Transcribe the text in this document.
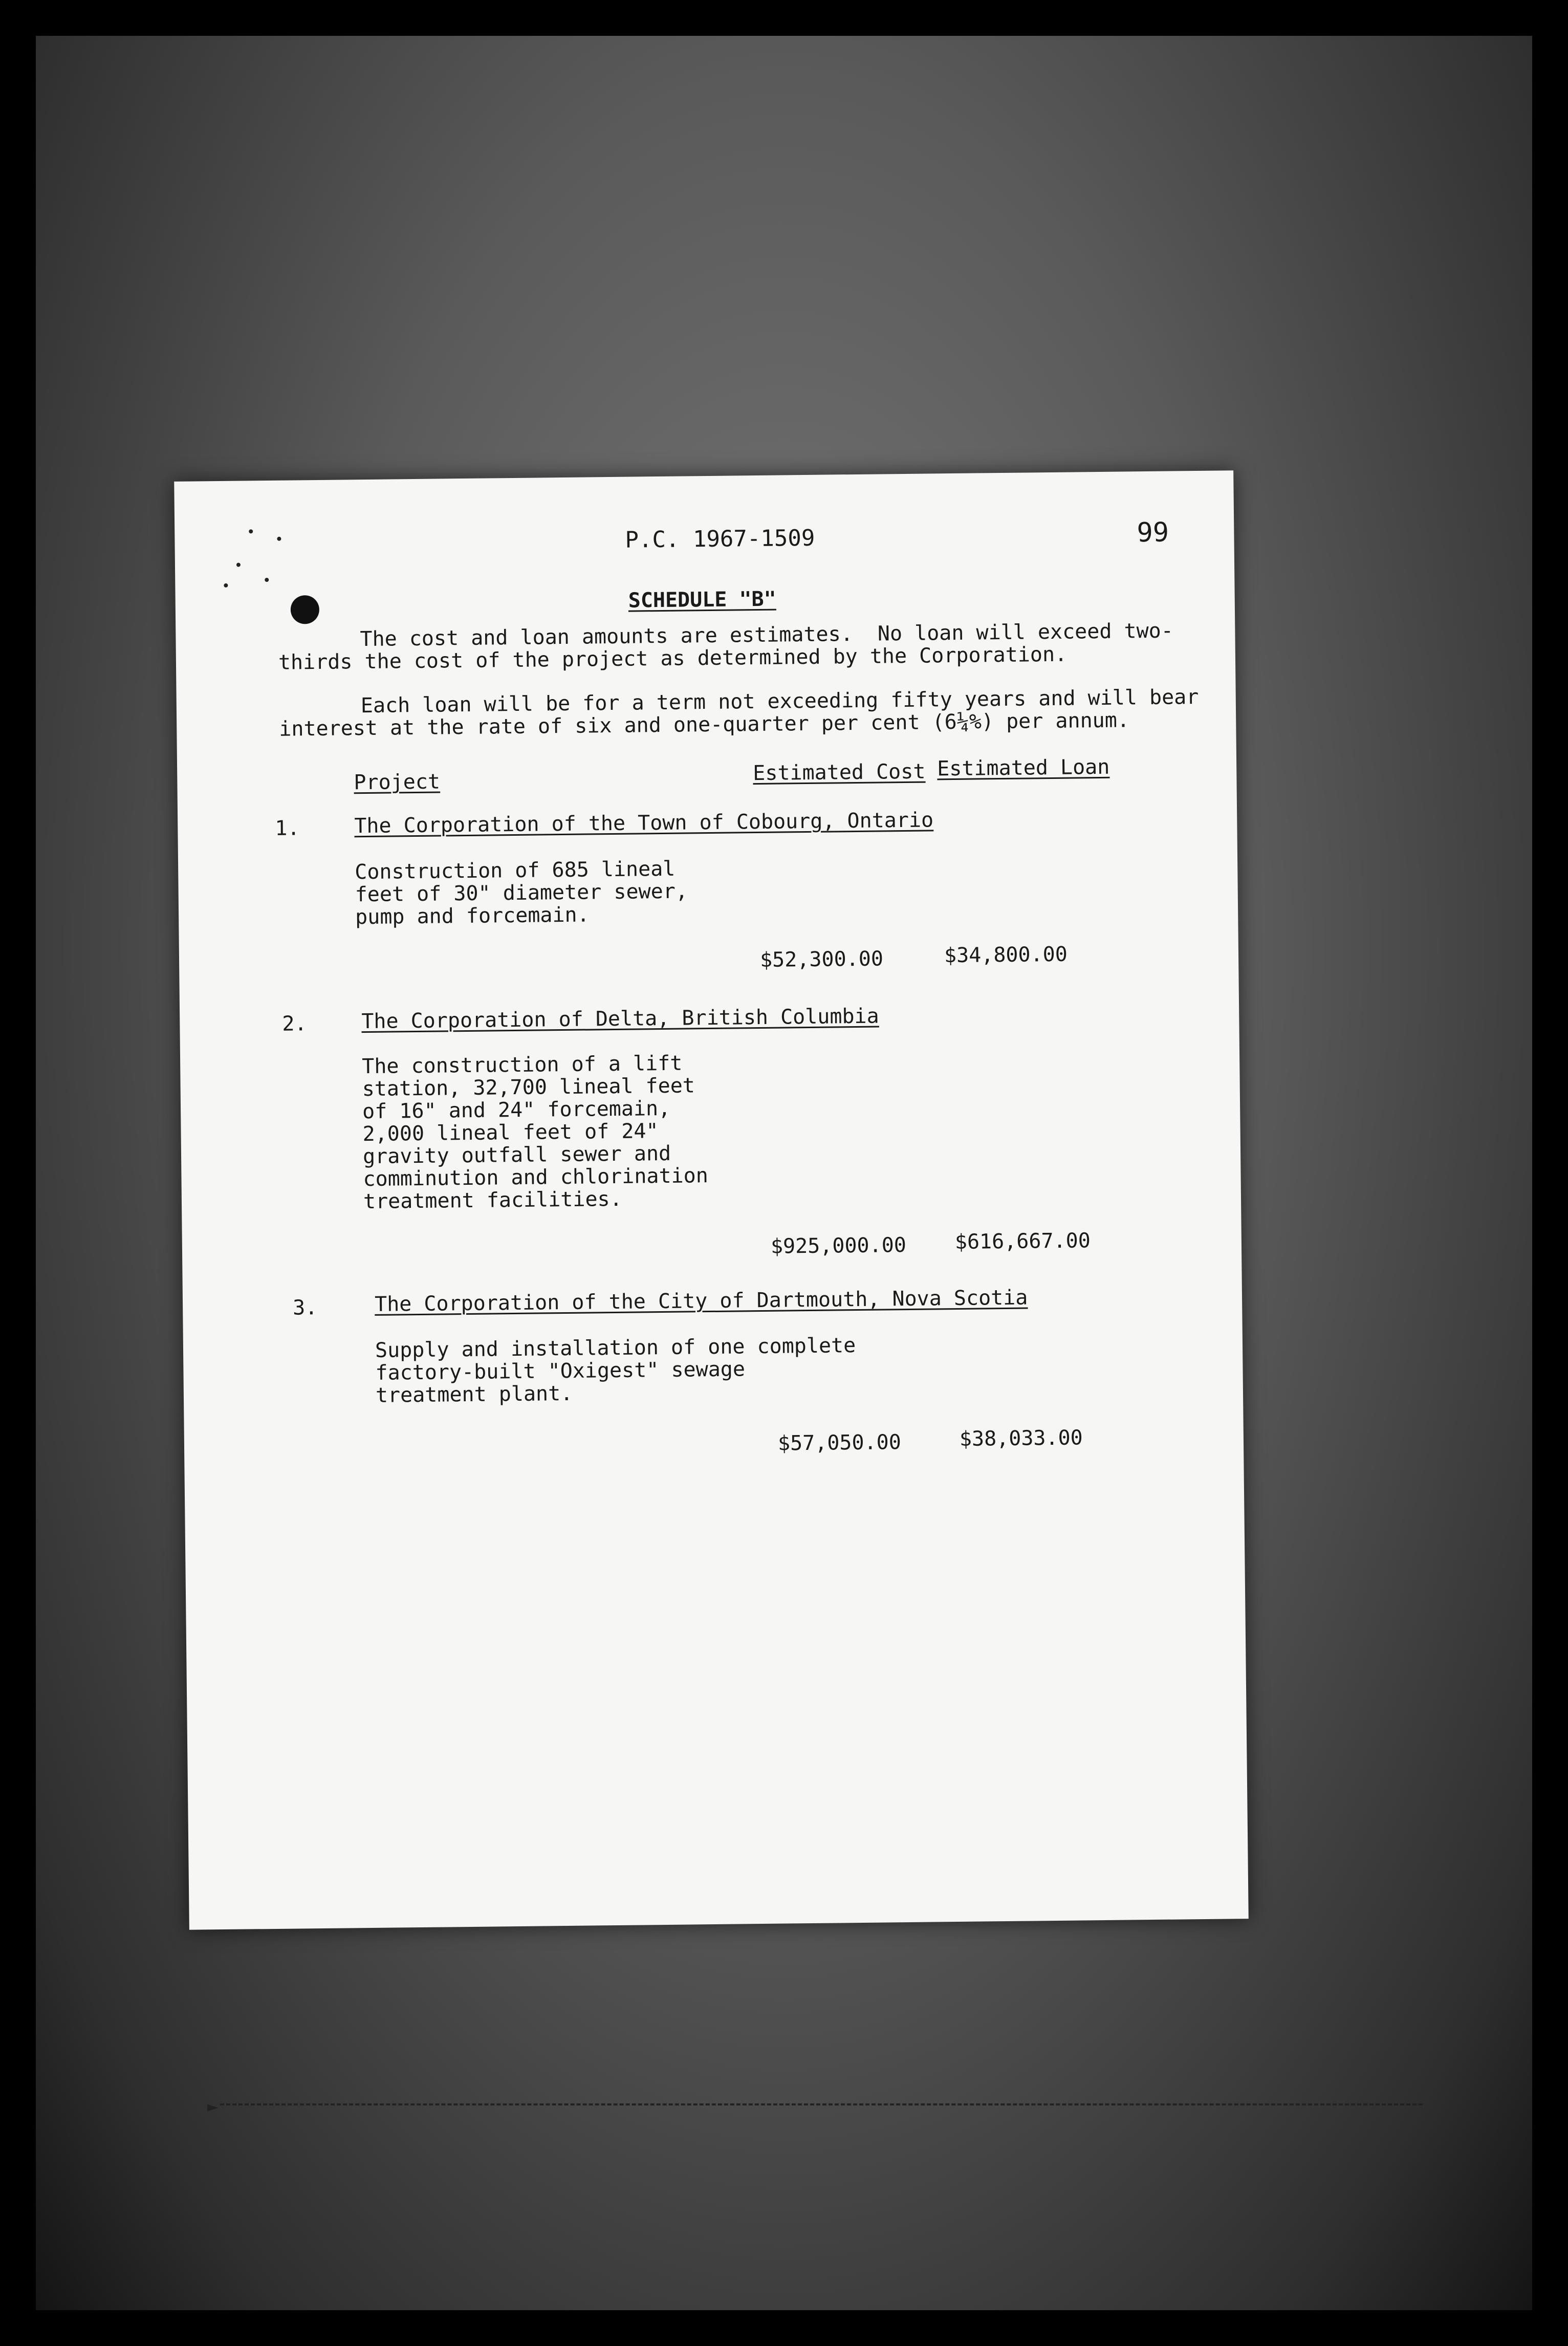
P.C. 1967-1509	99
SCHEDULE "B"
The cost and loan amounts are estimates.  No loan will exceed two-
thirds the cost of the project as determined by the Corporation.
Each loan will be for a term not exceeding fifty years and will bear
interest at the rate of six and one-quarter per cent (6¼%) per annum.
Project	Estimated Cost Estimated Loan
1.	The Corporation of the Town of Cobourg, Ontario
Construction of 685 lineal
feet of 30" diameter sewer,
pump and forcemain.
$52,300.00	$34,800.00
2.	The Corporation of Delta, British Columbia
The construction of a lift
station, 32,700 lineal feet
of 16" and 24" forcemain,
2,000 lineal feet of 24"
gravity outfall sewer and
comminution and chlorination
treatment facilities.
$925,000.00 $616,667.00
3.	The Corporation of the City of Dartmouth, Nova Scotia
Supply and installation of one complete
factory-built "Oxigest" sewage
treatment plant.
$57,050.00	$38,033.00
►
